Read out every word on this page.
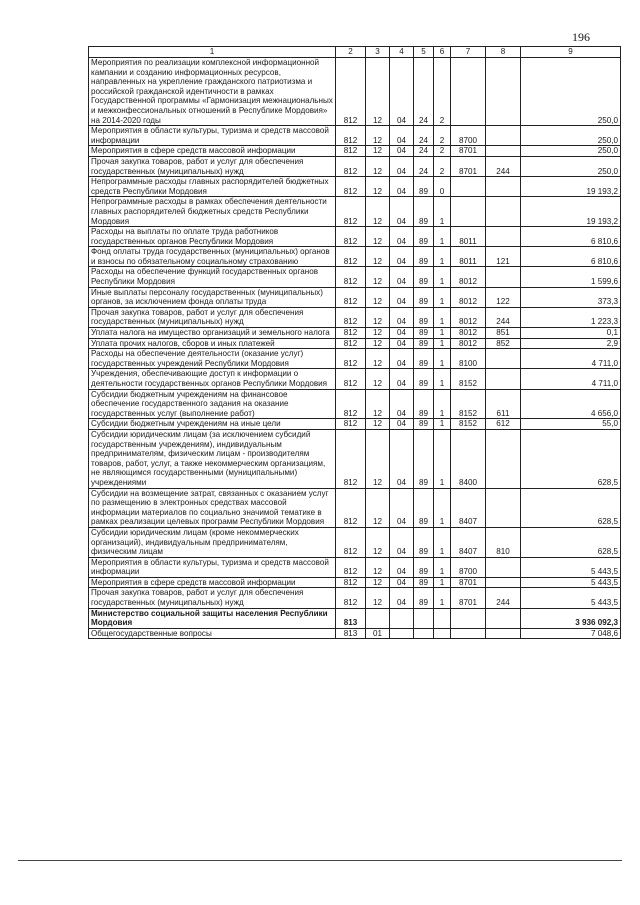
196
1	2	3	4	5	6	7	8	9
Мероприятия по реализации комплексной информационной кампании и созданию информационных ресурсов, направленных на укрепление гражданского патриотизма и российской гражданской идентичности в рамках Государственной программы «Гармонизация межнациональных и межконфессиональных отношений в Республике Мордовия» на 2014-2020 годы	812	12	04	24	2			250,0
Мероприятия в области культуры, туризма и средств массовой информации	812	12	04	24	2	8700		250,0
Мероприятия в сфере средств массовой информации	812	12	04	24	2	8701		250,0
Прочая закупка товаров, работ и услуг для обеспечения государственных (муниципальных) нужд	812	12	04	24	2	8701	244	250,0
Непрограммные расходы главных распорядителей бюджетных средств Республики Мордовия	812	12	04	89	0			19 193,2
Непрограммные расходы в рамках обеспечения деятельности главных распорядителей бюджетных средств Республики Мордовия	812	12	04	89	1			19 193,2
Расходы на выплаты по оплате труда работников государственных органов Республики Мордовия	812	12	04	89	1	8011		6 810,6
Фонд оплаты труда государственных (муниципальных) органов и взносы по обязательному социальному страхованию	812	12	04	89	1	8011	121	6 810,6
Расходы на обеспечение функций государственных органов Республики Мордовия	812	12	04	89	1	8012		1 599,6
Иные выплаты персоналу государственных (муниципальных) органов, за исключением фонда оплаты труда	812	12	04	89	1	8012	122	373,3
Прочая закупка товаров, работ и услуг для обеспечения государственных (муниципальных) нужд	812	12	04	89	1	8012	244	1 223,3
Уплата налога на имущество организаций и земельного налога	812	12	04	89	1	8012	851	0,1
Уплата прочих налогов, сборов и иных платежей	812	12	04	89	1	8012	852	2,9
Расходы на обеспечение деятельности (оказание услуг) государственных учреждений Республики Мордовия	812	12	04	89	1	8100		4 711,0
Учреждения, обеспечивающие доступ к информации о деятельности государственных органов Республики Мордовия	812	12	04	89	1	8152		4 711,0
Субсидии бюджетным учреждениям на финансовое обеспечение государственного задания на оказание государственных услуг (выполнение работ)	812	12	04	89	1	8152	611	4 656,0
Субсидии бюджетным учреждениям на иные цели	812	12	04	89	1	8152	612	55,0
Субсидии юридическим лицам (за исключением субсидий государственным учреждениям), индивидуальным предпринимателям, физическим лицам - производителям товаров, работ, услуг, а также некоммерческим организациям, не являющимся государственными (муниципальными) учреждениями	812	12	04	89	1	8400		628,5
Субсидии на возмещение затрат, связанных с оказанием услуг по размещению в электронных средствах массовой информации материалов по социально значимой тематике в рамках реализации целевых программ Республики Мордовия	812	12	04	89	1	8407		628,5
Субсидии юридическим лицам (кроме некоммерческих организаций), индивидуальным предпринимателям, физическим лицам	812	12	04	89	1	8407	810	628,5
Мероприятия в области культуры, туризма и средств массовой информации	812	12	04	89	1	8700		5 443,5
Мероприятия в сфере средств массовой информации	812	12	04	89	1	8701		5 443,5
Прочая закупка товаров, работ и услуг для обеспечения государственных (муниципальных) нужд	812	12	04	89	1	8701	244	5 443,5
Министерство социальной защиты населения Республики Мордовия	813							3 936 092,3
Общегосударственные вопросы	813	01						7 048,6
